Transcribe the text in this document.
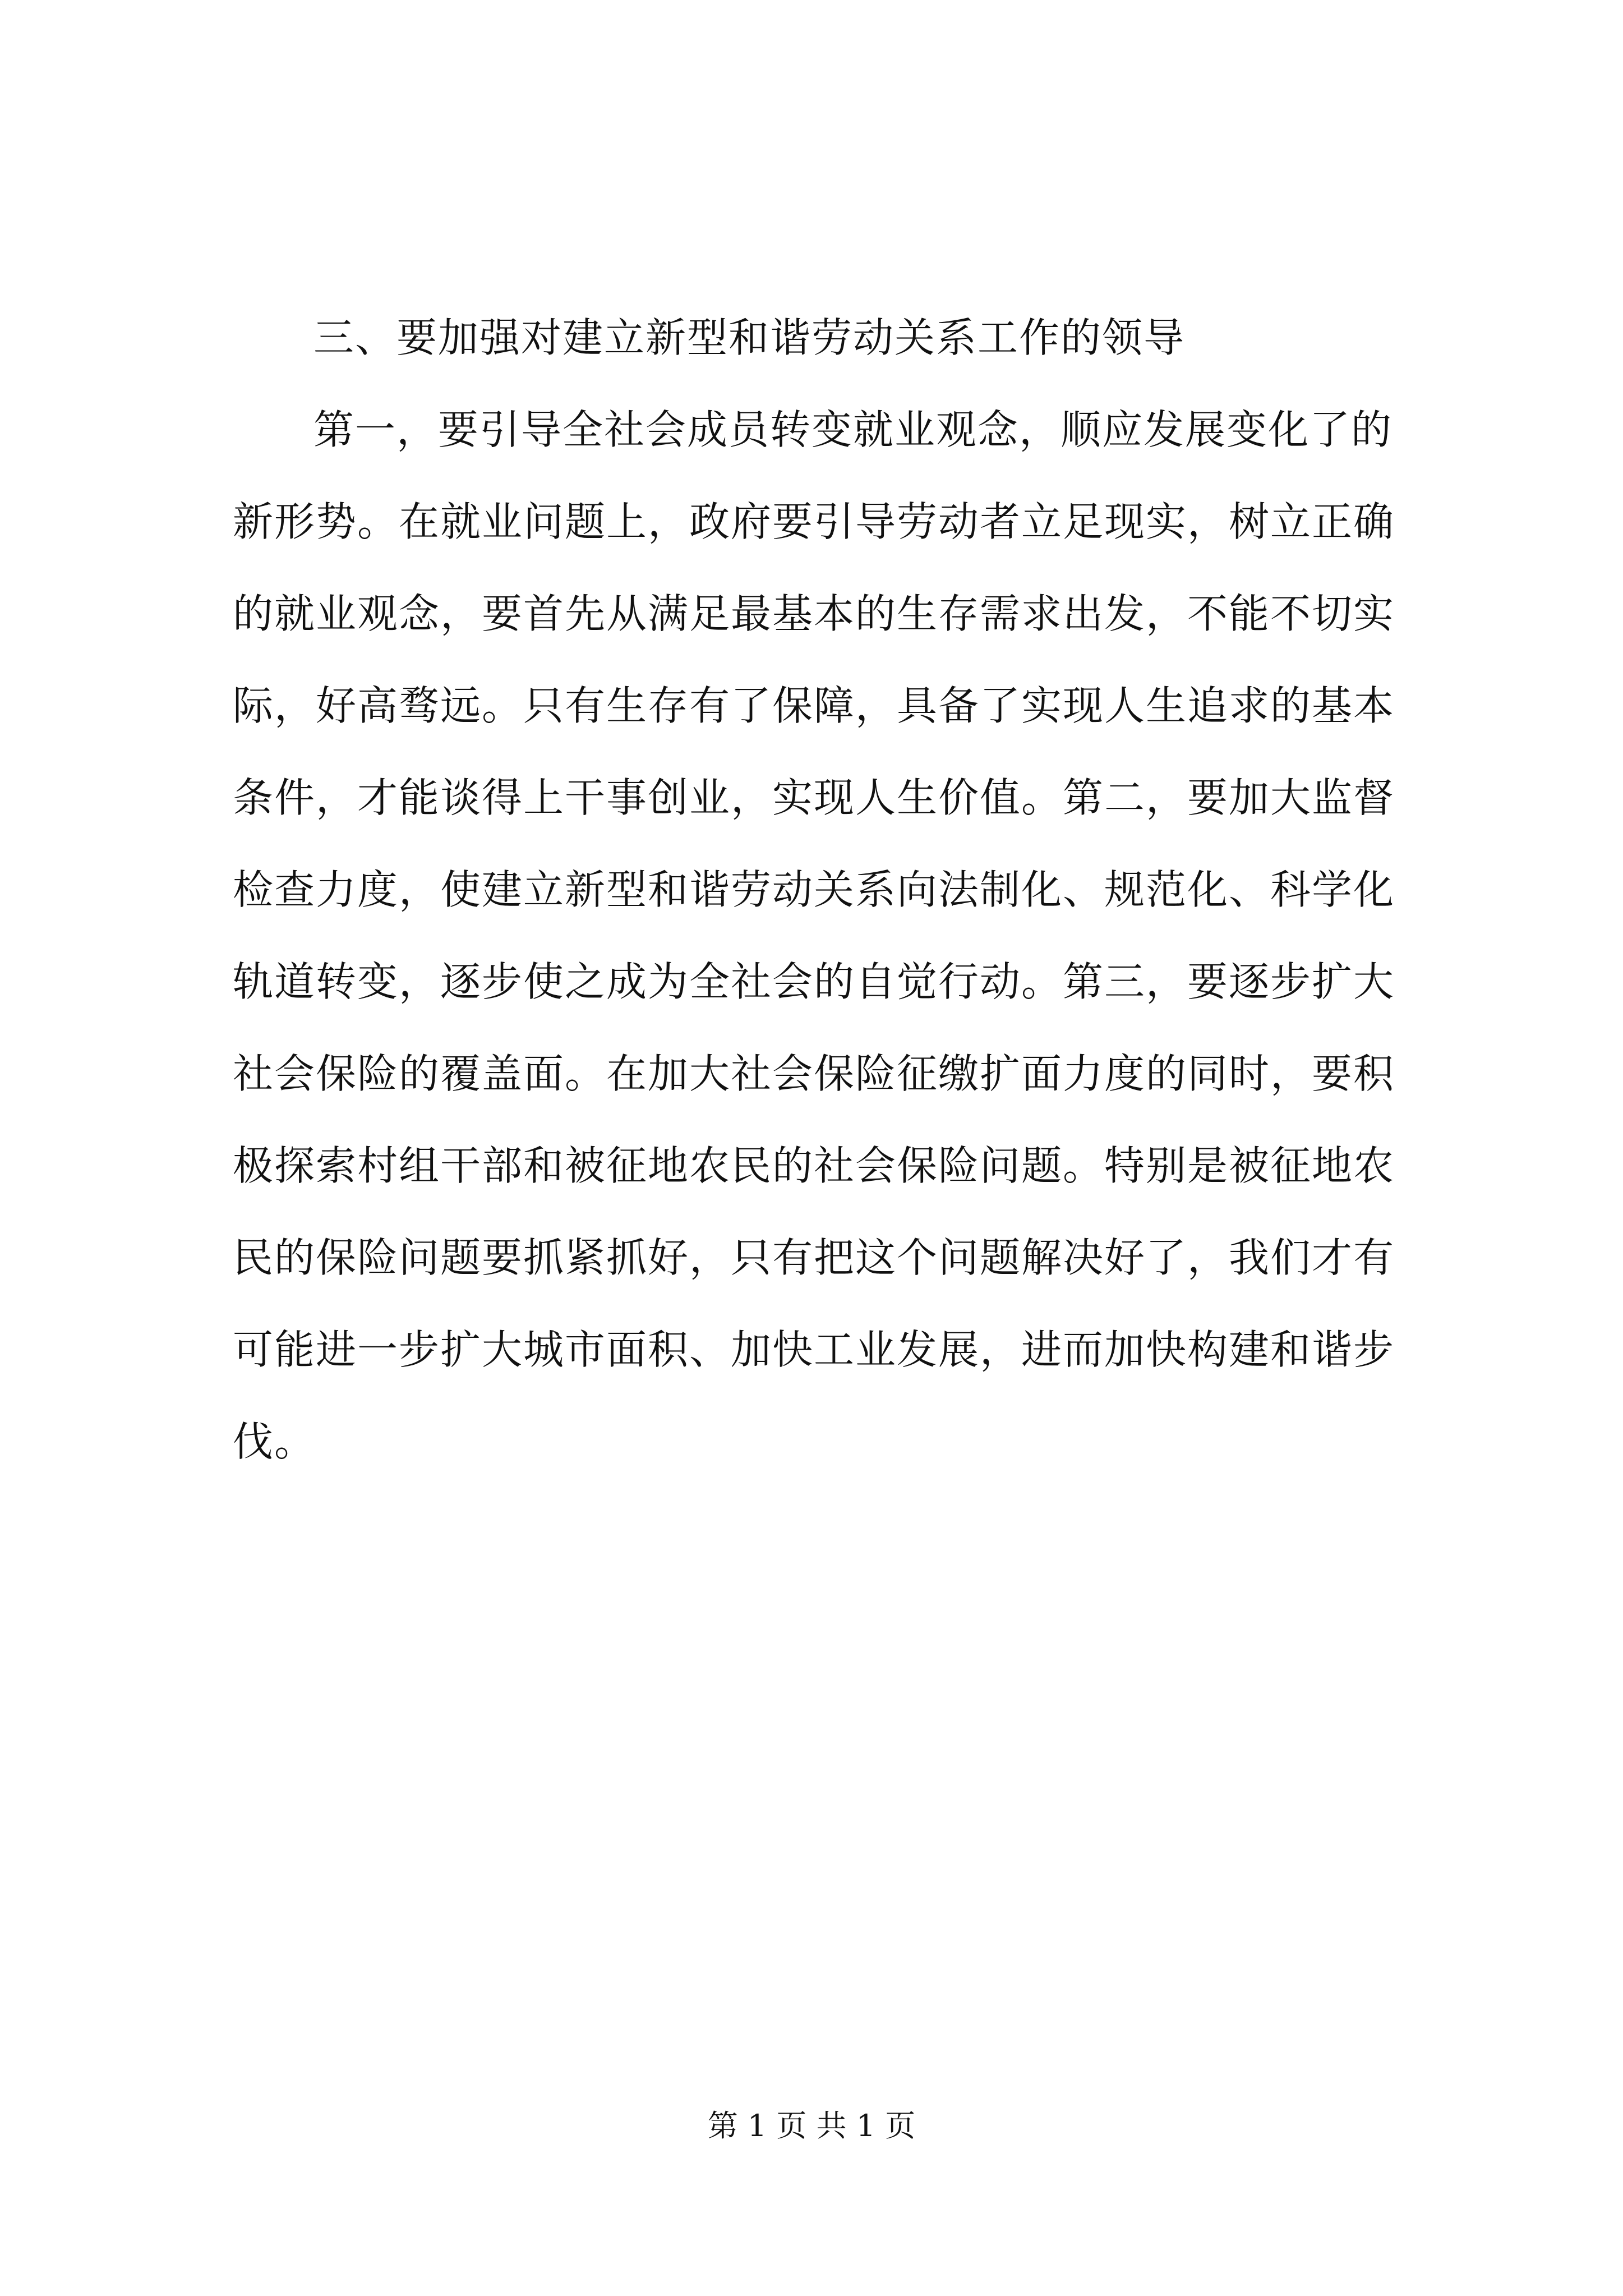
三、要加强对建立新型和谐劳动关系工作的领导

第一，要引导全社会成员转变就业观念，顺应发展变化了的

新形势。在就业问题上，政府要引导劳动者立足现实，树立正确

的就业观念，要首先从满足最基本的生存需求出发，不能不切实

际，好高骛远。只有生存有了保障，具备了实现人生追求的基本

条件，才能谈得上干事创业，实现人生价值。第二，要加大监督

检查力度，使建立新型和谐劳动关系向法制化、规范化、科学化

轨道转变，逐步使之成为全社会的自觉行动。第三，要逐步扩大

社会保险的覆盖面。在加大社会保险征缴扩面力度的同时，要积

极探索村组干部和被征地农民的社会保险问题。特别是被征地农

民的保险问题要抓紧抓好，只有把这个问题解决好了，我们才有

可能进一步扩大城市面积、加快工业发展，进而加快构建和谐步

伐。

第 1 页 共 1 页
